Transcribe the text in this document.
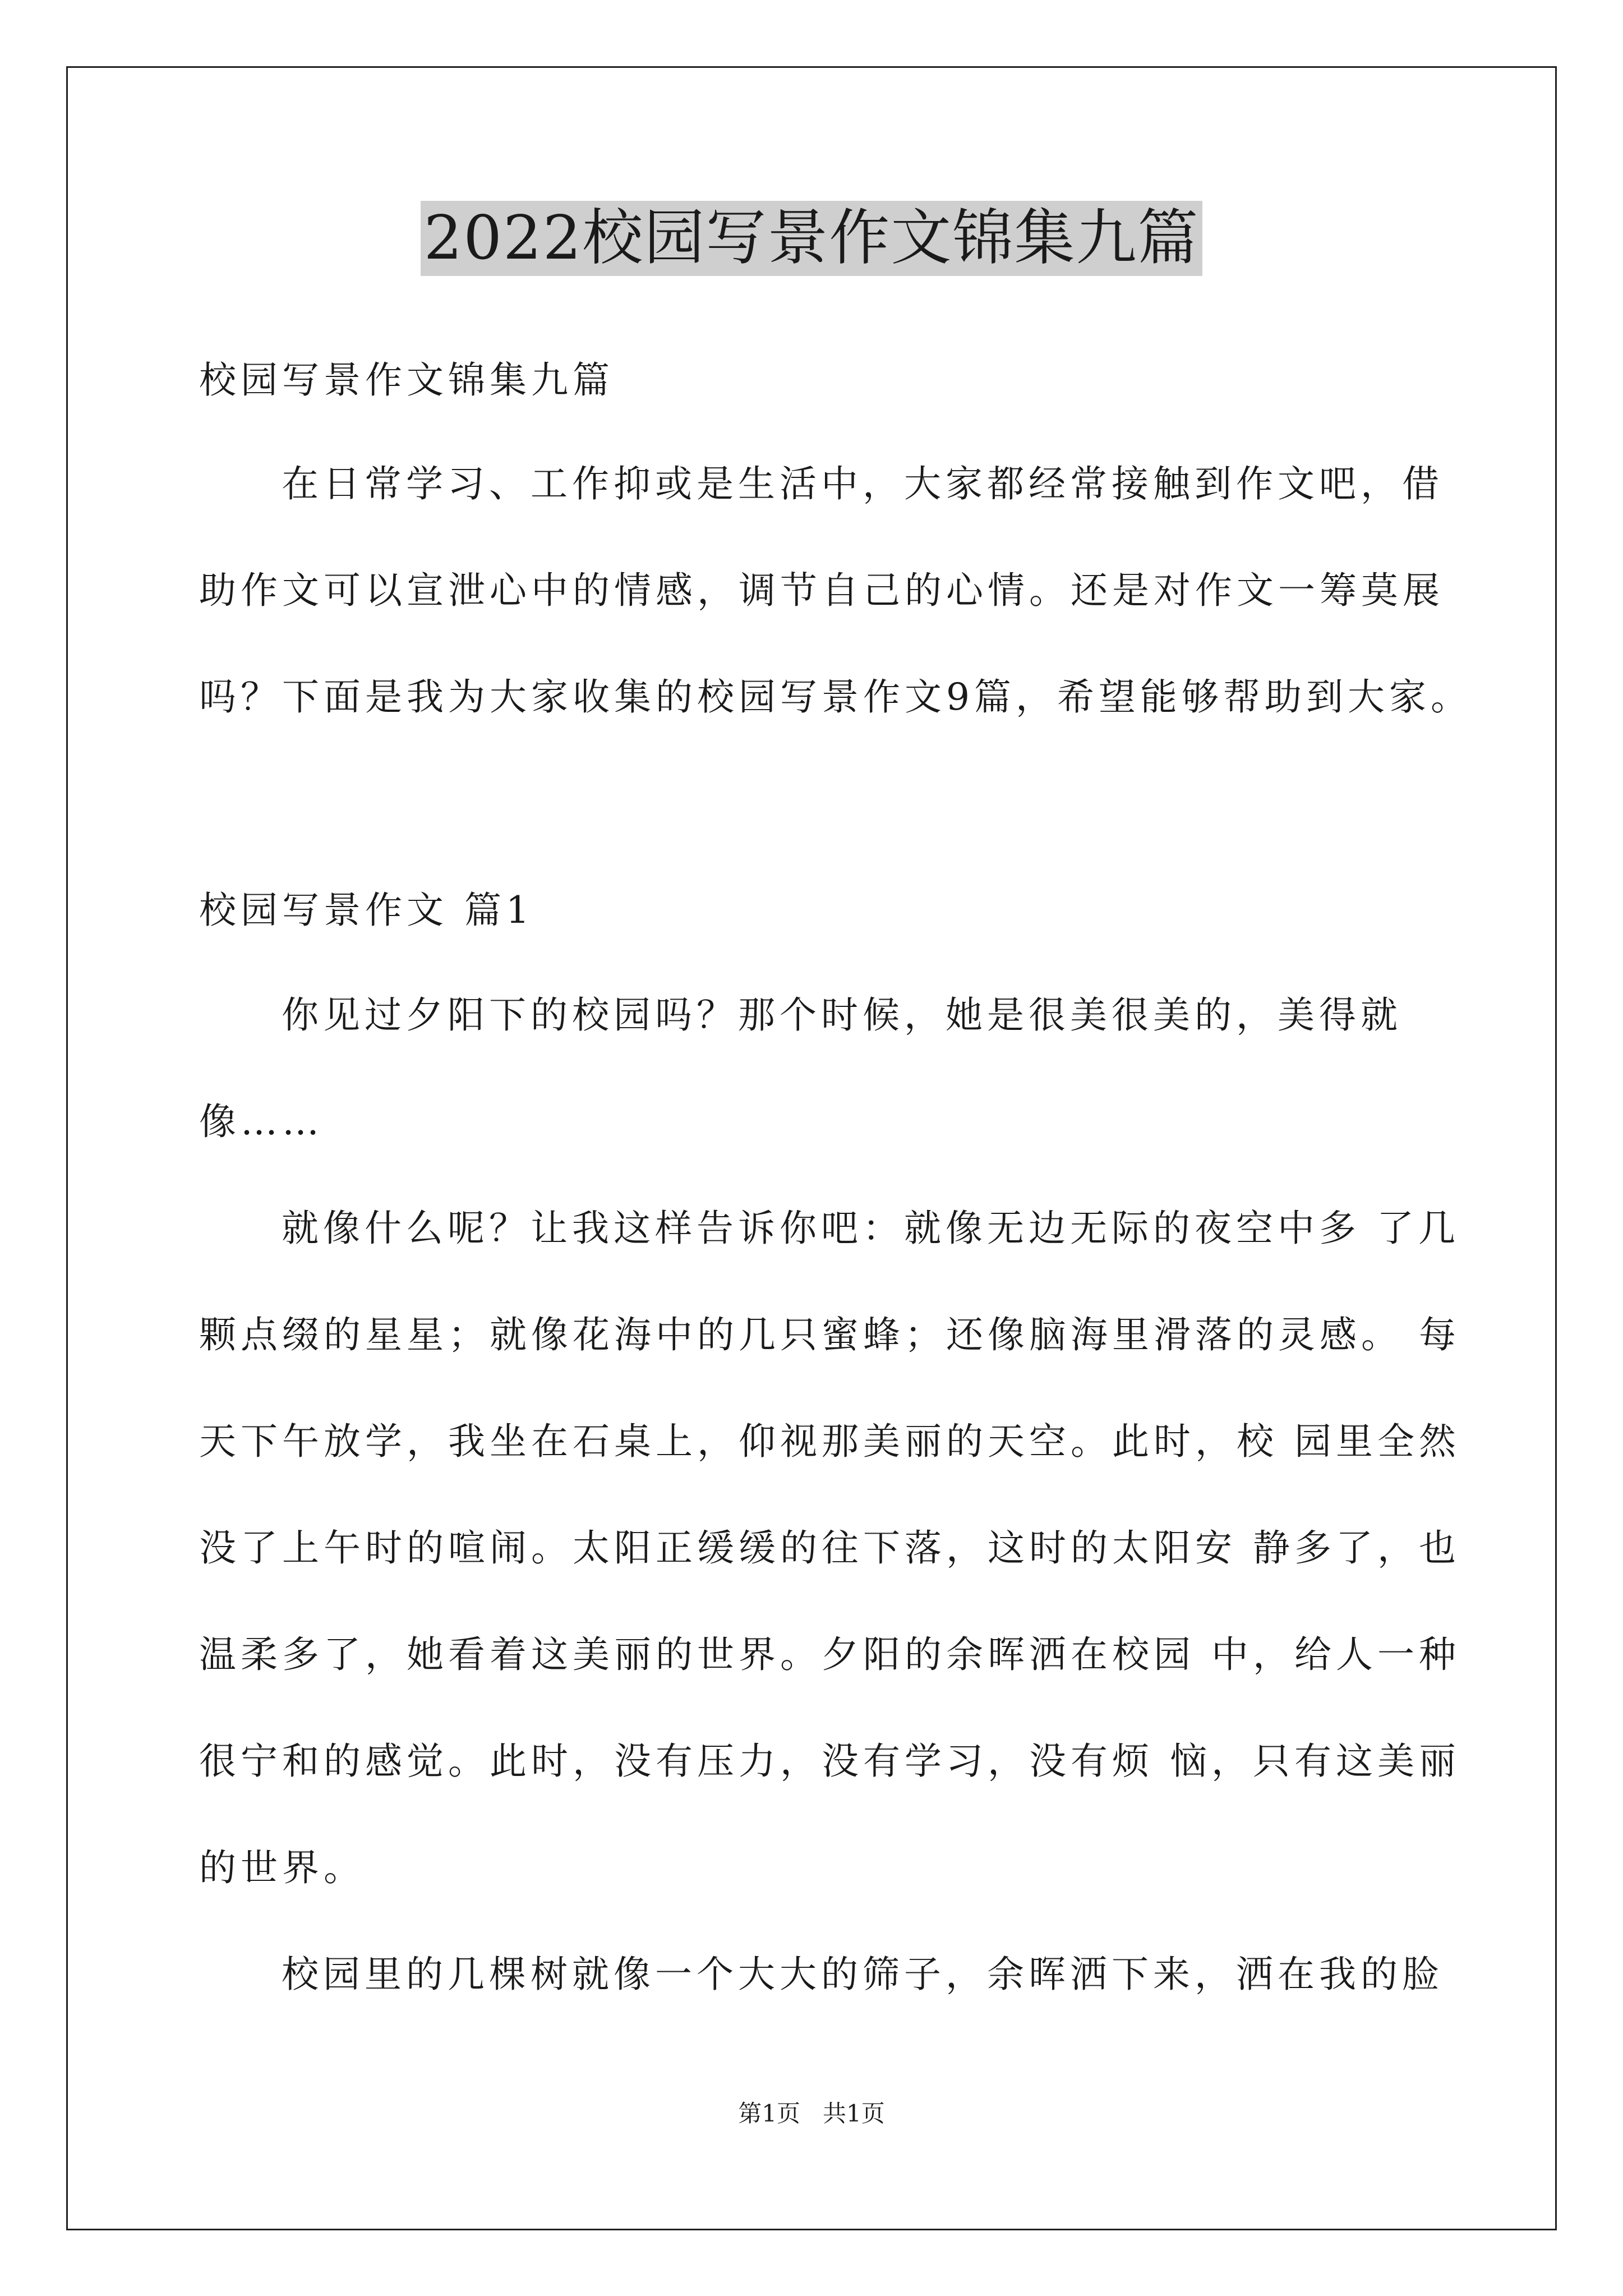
2022校园写景作文锦集九篇
校园写景作文锦集九篇
在日常学习、工作抑或是生活中，大家都经常接触到作文吧，借
助作文可以宣泄心中的情感，调节自己的心情。还是对作文一筹莫展
吗？下面是我为大家收集的校园写景作文9篇，希望能够帮助到大家。
校园写景作文 篇1
你见过夕阳下的校园吗？那个时候，她是很美很美的，美得就
像……
就像什么呢？让我这样告诉你吧：就像无边无际的夜空中多 了几
颗点缀的星星；就像花海中的几只蜜蜂；还像脑海里滑落的灵感。 每
天下午放学，我坐在石桌上，仰视那美丽的天空。此时，校 园里全然
没了上午时的喧闹。太阳正缓缓的往下落，这时的太阳安 静多了，也
温柔多了，她看着这美丽的世界。夕阳的余晖洒在校园 中，给人一种
很宁和的感觉。此时，没有压力，没有学习，没有烦 恼，只有这美丽
的世界。
校园里的几棵树就像一个大大的筛子，余晖洒下来，洒在我的脸
第1页   共1页
